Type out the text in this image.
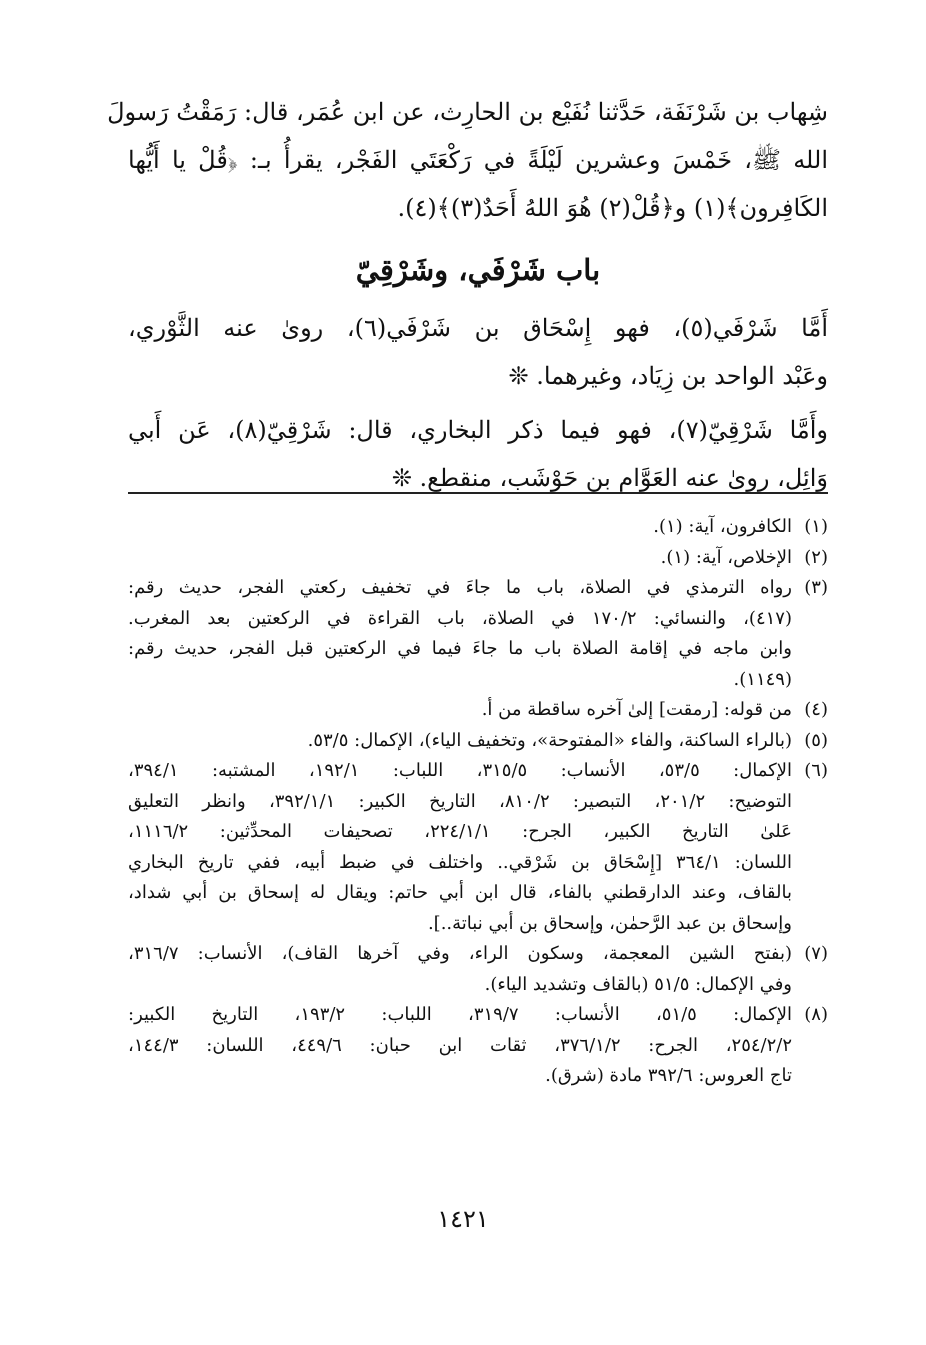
شِهاب بن شَرْنَفَة، حَدَّثنا نُفَيْع بن الحارِث، عن ابن عُمَر، قال: رَمَقْتُ رَسولَ
الله ﷺ، خَمْسَ وعشرين لَيْلَةً في رَكْعَتَي الفَجْر، يقرأُ بـ: ﴿قُلْ يا أَيُّها
الكَافِرون﴾(١) و﴿قُلْ(٢) هُوَ اللهُ أَحَدٌ(٣)﴾(٤).
باب شَرْفَي، وشَرْقِيّ
أَمَّا شَرْفَي(٥)، فهو إِسْحَاق بن شَرْفَي(٦)، روىٰ عنه الثَّوْري،
وعَبْد الواحد بن زِيَاد، وغيرهما. ❊
وأَمَّا شَرْقِيّ(٧)، فهو فيما ذكر البخاري، قال: شَرْقِيّ(٨)، عَن أَبي
وَائِل، روىٰ عنه العَوَّام بن حَوْشَب، منقطع. ❊
(١)
الكافرون، آية: (١).
(٢)
الإخلاص، آية: (١).
(٣)
رواه الترمذي في الصلاة، باب ما جاءَ في تخفيف ركعتي الفجر، حديث رقم:
(٤١٧)، والنسائي: ١٧٠/٢ في الصلاة، باب القراءة في الركعتين بعد المغرب.
وابن ماجه في إقامة الصلاة باب ما جاءَ فيما في الركعتين قبل الفجر، حديث رقم:
(١١٤٩).
(٤)
من قوله: [رمقت] إلىٰ آخره ساقطة من أ.
(٥)
(بالراء الساكنة، والفاء «المفتوحة»، وتخفيف الياء)، الإكمال: ٥٣/٥.
(٦)
الإكمال: ٥٣/٥، الأنساب: ٣١٥/٥، اللباب: ١٩٢/١، المشتبه: ٣٩٤/١،
التوضيح: ٢٠١/٢، التبصير: ٨١٠/٢، التاريخ الكبير: ٣٩٢/١/١، وانظر التعليق
عَلىٰ التاريخ الكبير، الجرح: ٢٢٤/١/١، تصحيفات المحدِّثين: ١١١٦/٢،
اللسان: ٣٦٤/١ [إِسْحَاق بن شَرْقي.. واختلف في ضبط أبيه، ففي تاريخ البخاري
بالقاف، وعند الدارقطني بالفاء، قال ابن أبي حاتم: ويقال له إسحاق بن أبي شداد،
وإسحاق بن عبد الرَّحمٰن، وإسحاق بن أبي نباتة..].
(٧)
(بفتح الشين المعجمة، وسكون الراء، وفي آخرها القاف)، الأنساب: ٣١٦/٧،
وفي الإكمال: ٥١/٥ (بالقاف وتشديد الياء).
(٨)
الإكمال: ٥١/٥، الأنساب: ٣١٩/٧، اللباب: ١٩٣/٢، التاريخ الكبير:
٢٥٤/٢/٢، الجرح: ٣٧٦/١/٢، ثقات ابن حبان: ٤٤٩/٦، اللسان: ١٤٤/٣،
تاج العروس: ٣٩٢/٦ مادة (شرق).
١٤٢١
